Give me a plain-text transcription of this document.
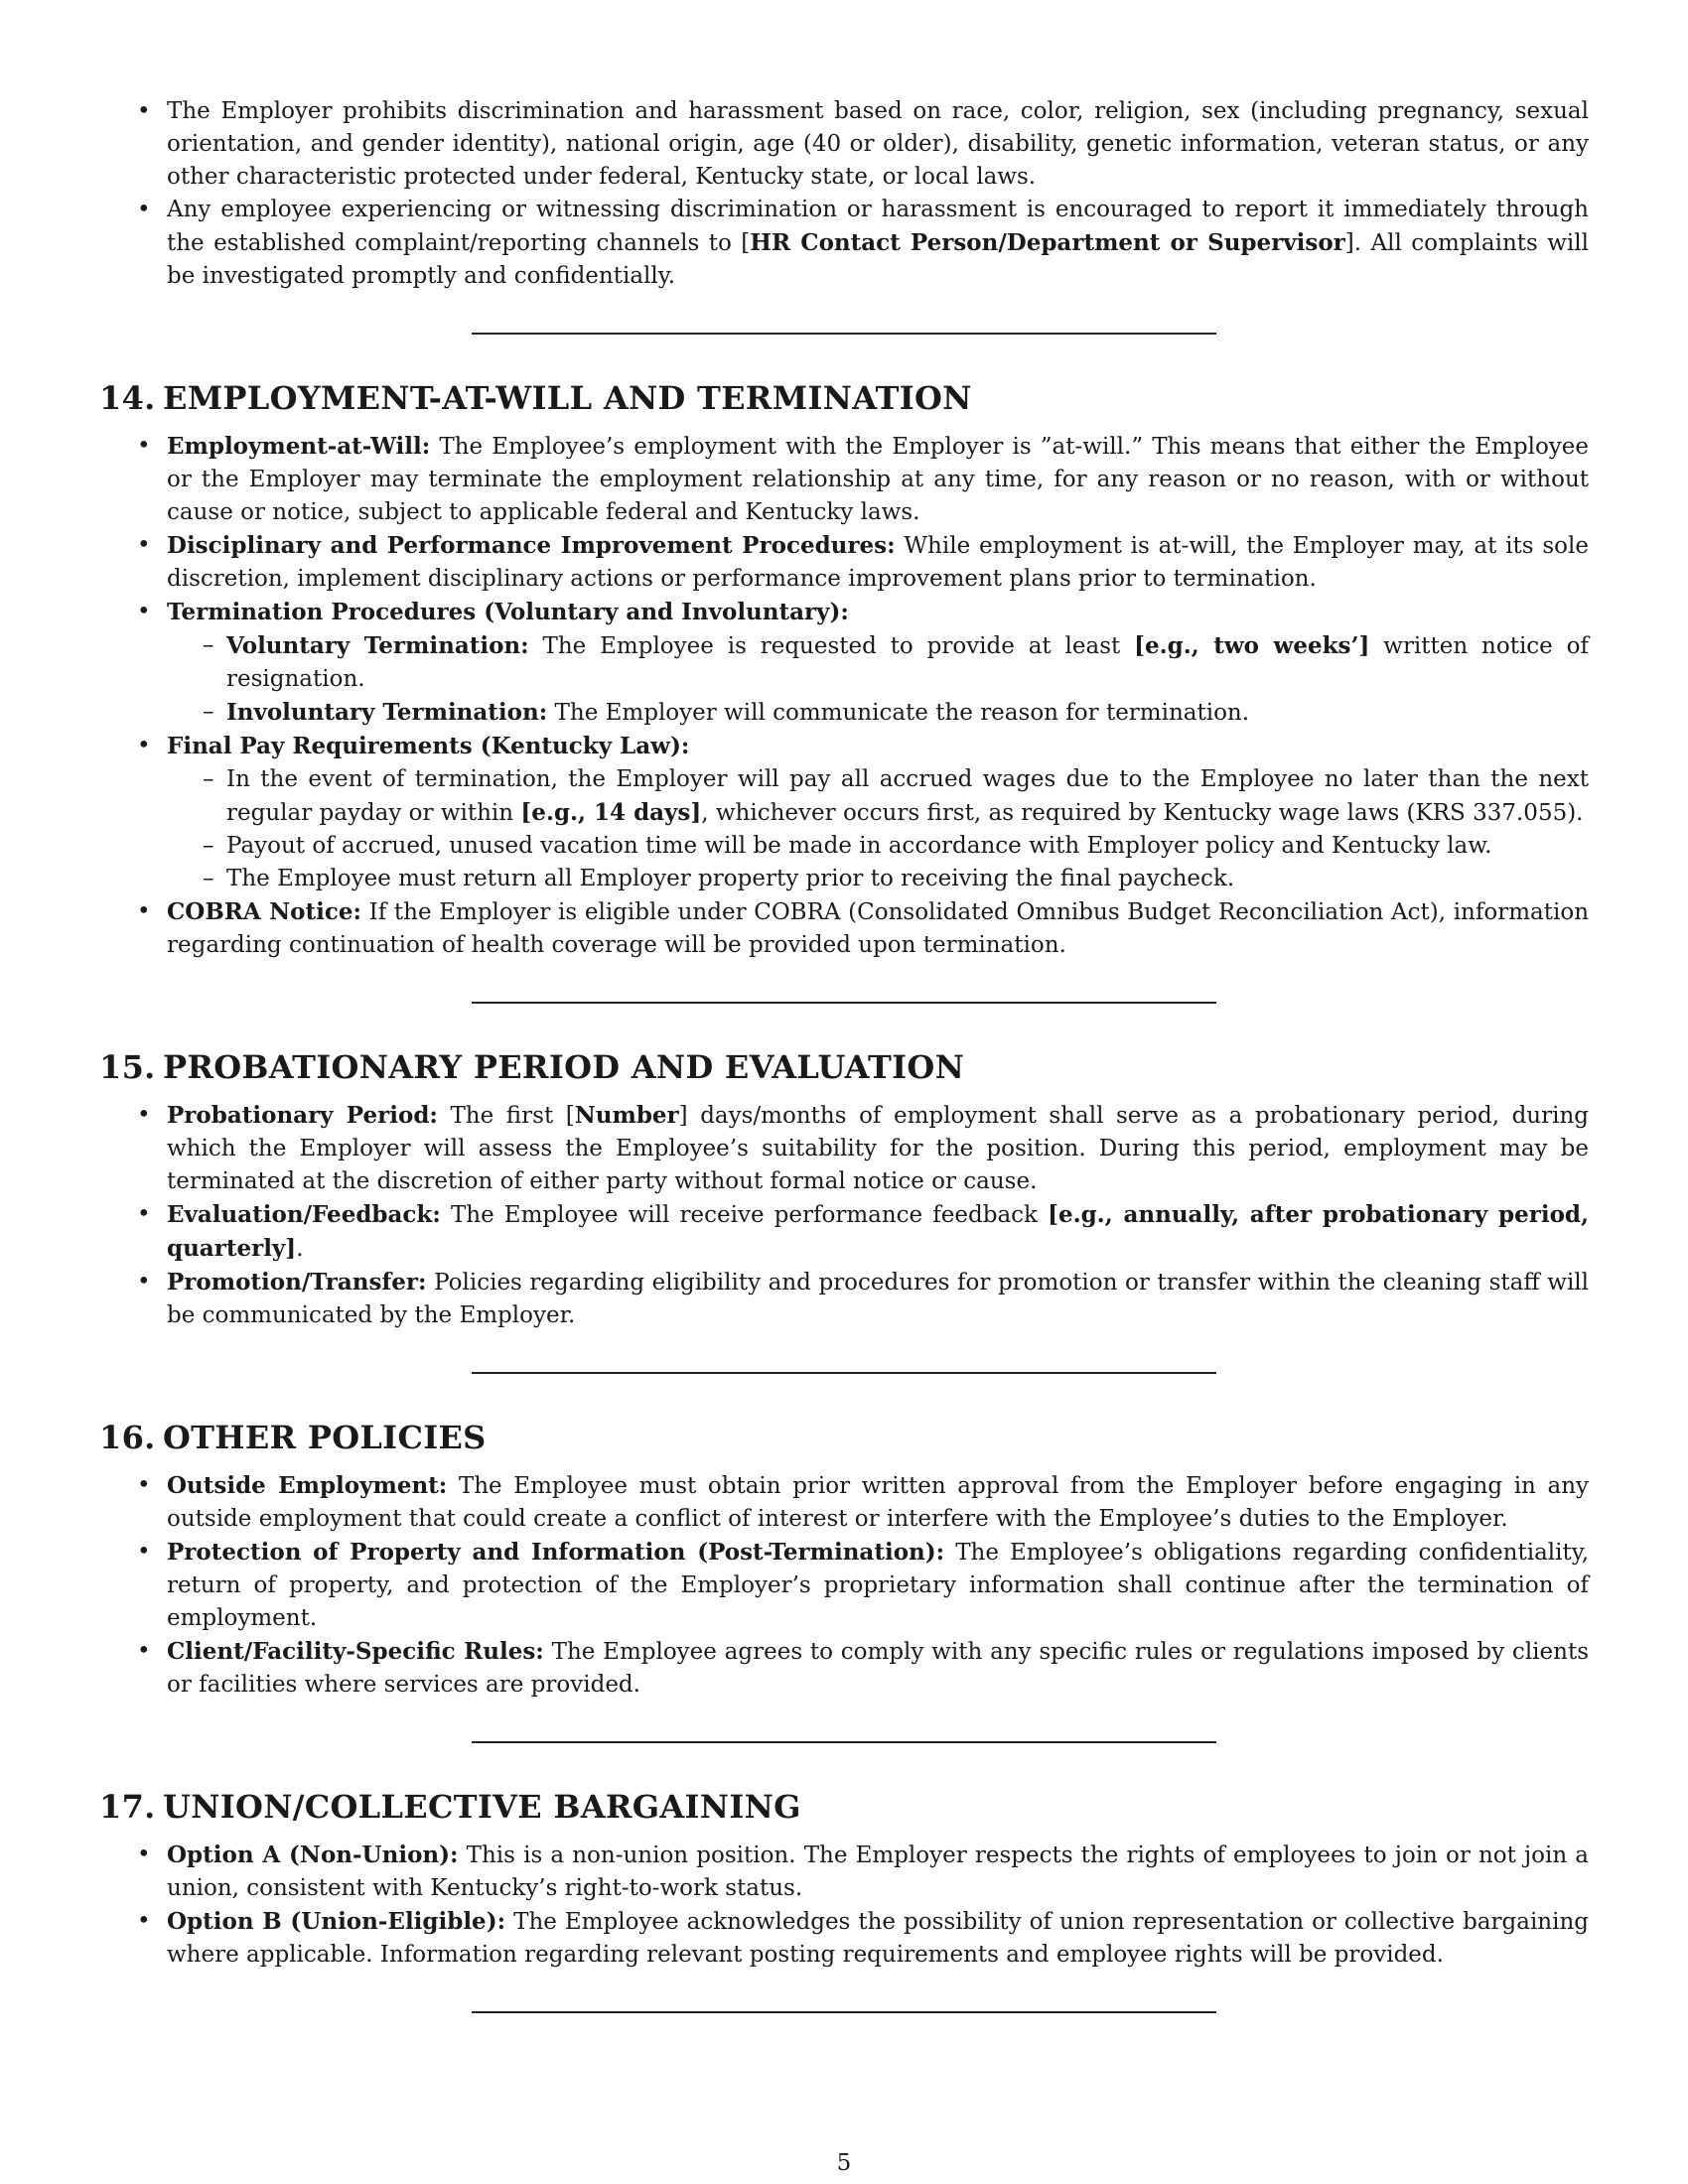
• The Employer prohibits discrimination and harassment based on race, color, religion, sex (including pregnancy, sexual orientation, and gender identity), national origin, age (40 or older), disability, genetic information, veteran status, or any other characteristic protected under federal, Kentucky state, or local laws.
• Any employee experiencing or witnessing discrimination or harassment is encouraged to report it immediately through the established complaint/reporting channels to [HR Contact Person/Department or Supervisor]. All complaints will be investigated promptly and confidentially.
14. EMPLOYMENT-AT-WILL AND TERMINATION
• Employment-at-Will: The Employee’s employment with the Employer is ”at-will.” This means that either the Employee or the Employer may terminate the employment relationship at any time, for any reason or no reason, with or without cause or notice, subject to applicable federal and Kentucky laws.
• Disciplinary and Performance Improvement Procedures: While employment is at-will, the Employer may, at its sole discretion, implement disciplinary actions or performance improvement plans prior to termination.
• Termination Procedures (Voluntary and Involuntary):
– Voluntary Termination: The Employee is requested to provide at least [e.g., two weeks’] written notice of resignation.
– Involuntary Termination: The Employer will communicate the reason for termination.
• Final Pay Requirements (Kentucky Law):
– In the event of termination, the Employer will pay all accrued wages due to the Employee no later than the next regular payday or within [e.g., 14 days], whichever occurs first, as required by Kentucky wage laws (KRS 337.055).
– Payout of accrued, unused vacation time will be made in accordance with Employer policy and Kentucky law.
– The Employee must return all Employer property prior to receiving the final paycheck.
• COBRA Notice: If the Employer is eligible under COBRA (Consolidated Omnibus Budget Reconciliation Act), information regarding continuation of health coverage will be provided upon termination.
15. PROBATIONARY PERIOD AND EVALUATION
• Probationary Period: The first [Number] days/months of employment shall serve as a probationary period, during which the Employer will assess the Employee’s suitability for the position. During this period, employment may be terminated at the discretion of either party without formal notice or cause.
• Evaluation/Feedback: The Employee will receive performance feedback [e.g., annually, after probationary period, quarterly].
• Promotion/Transfer: Policies regarding eligibility and procedures for promotion or transfer within the cleaning staff will be communicated by the Employer.
16. OTHER POLICIES
• Outside Employment: The Employee must obtain prior written approval from the Employer before engaging in any outside employment that could create a conflict of interest or interfere with the Employee’s duties to the Employer.
• Protection of Property and Information (Post-Termination): The Employee’s obligations regarding confidentiality, return of property, and protection of the Employer’s proprietary information shall continue after the termination of employment.
• Client/Facility-Specific Rules: The Employee agrees to comply with any specific rules or regulations imposed by clients or facilities where services are provided.
17. UNION/COLLECTIVE BARGAINING
• Option A (Non-Union): This is a non-union position. The Employer respects the rights of employees to join or not join a union, consistent with Kentucky’s right-to-work status.
• Option B (Union-Eligible): The Employee acknowledges the possibility of union representation or collective bargaining where applicable. Information regarding relevant posting requirements and employee rights will be provided.
5
